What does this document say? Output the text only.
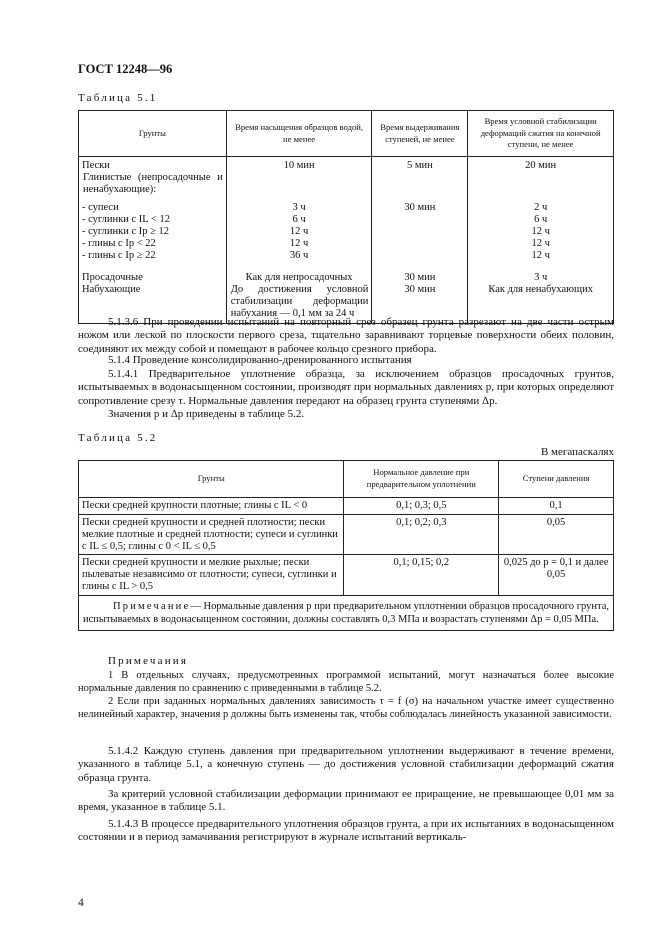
ГОСТ 12248—96
Таблица 5.1
Грунты	Время насыщения образцов водой, не менее	Время выдерживания ступеней, не менее	Время условной стабилизации деформаций сжатия на конечной ступени, не менее
Пески	10 мин	5 мин	20 мин
Глинистые (непросадочные и ненабухающие):			

- супеси	3 ч	30 мин	2 ч
- суглинки с IL < 12	6 ч		6 ч
- суглинки с Ip ≥ 12	12 ч		12 ч
- глины с Ip < 22	12 ч		12 ч
- глины с Ip ≥ 22	36 ч		12 ч

Просадочные	Как для непросадочных	30 мин	3 ч
Набухающие	До достижения условной стабилизации деформации набухания — 0,1 мм за 24 ч	30 мин	Как для ненабухающих
5.1.3.6 При проведении испытаний на повторный срез образец грунта разрезают на две части острым ножом или леской по плоскости первого среза, тщательно заравнивают торцевые поверхности обеих половин, соединяют их между собой и помещают в рабочее кольцо срезного прибора.
5.1.4 Проведение консолидированно-дренированного испытания
5.1.4.1 Предварительное уплотнение образца, за исключением образцов просадочных грунтов, испытываемых в водонасыщенном состоянии, производят при нормальных давлениях p, при которых определяют сопротивление срезу τ. Нормальные давления передают на образец грунта ступенями Δp.
Значения p и Δp приведены в таблице 5.2.
Таблица 5.2
В мегапаскалях
Грунты	Нормальное давление при предварительном уплотнении	Ступени давления
Пески средней крупности плотные; глины с IL < 0	0,1; 0,3; 0,5	0,1
Пески средней крупности и средней плотности; пески мелкие плотные и средней плотности; супеси и суглинки с IL ≤ 0,5; глины с 0 < IL ≤ 0,5	0,1; 0,2; 0,3	0,05
Пески средней крупности и мелкие рыхлые; пески пылеватые независимо от плотности; супеси, суглинки и глины с IL > 0,5	0,1; 0,15; 0,2	0,025 до p = 0,1 и далее 0,05
Примечание— Нормальные давления p при предварительном уплотнении образцов просадочного грунта, испытываемых в водонасыщенном состоянии, должны составлять 0,3 МПа и возрастать ступенями Δp = 0,05 МПа.		
Примечания
1 В отдельных случаях, предусмотренных программой испытаний, могут назначаться более высокие нормальные давления по сравнению с приведенными в таблице 5.2.
2 Если при заданных нормальных давлениях зависимость τ = f (σ) на начальном участке имеет существенно нелинейный характер, значения p должны быть изменены так, чтобы соблюдалась линейность указанной зависимости.
5.1.4.2 Каждую ступень давления при предварительном уплотнении выдерживают в течение времени, указанного в таблице 5.1, а конечную ступень — до достижения условной стабилизации деформаций сжатия образца грунта.
За критерий условной стабилизации деформации принимают ее приращение, не превышающее 0,01 мм за время, указанное в таблице 5.1.
5.1.4.3 В процессе предварительного уплотнения образцов грунта, а при их испытаниях в водонасыщенном состоянии и в период замачивания регистрируют в журнале испытаний вертикаль-
4
